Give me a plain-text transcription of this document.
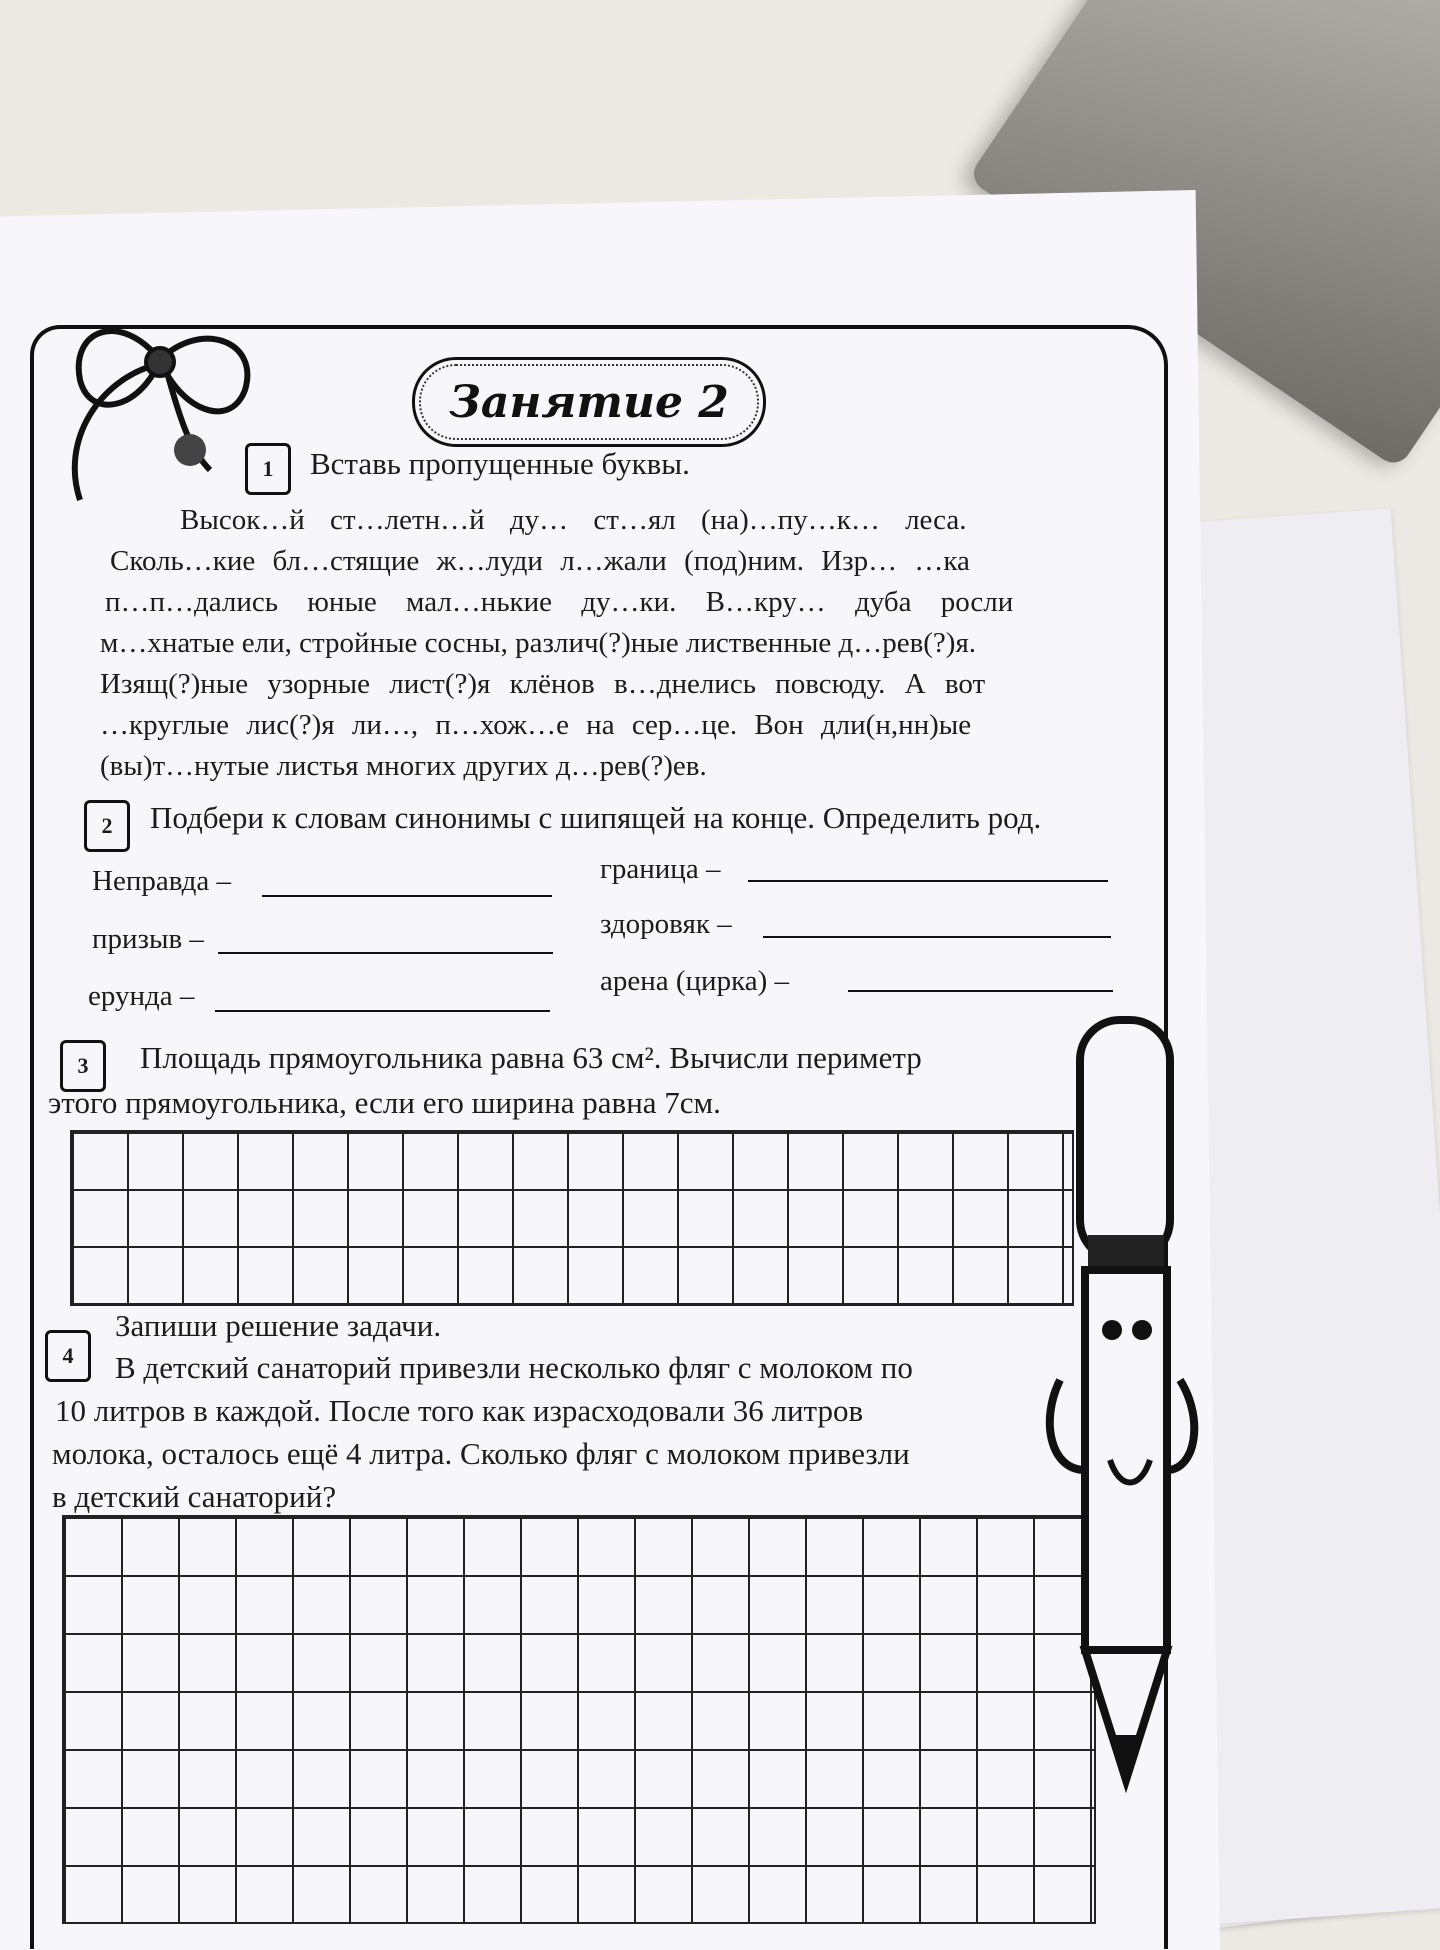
Занятие 2
1	Вставь пропущенные буквы.
Высок…й ст…летн…й ду… ст…ял (на)…пу…к… леса.
Сколь…кие бл…стящие ж…луди л…жали (под)ним. Изр… …ка
п…п…дались юные мал…нькие ду…ки. В…кру… дуба росли
м…хнатые ели, стройные сосны, различ(?)ные лиственные д…рев(?)я.
Изящ(?)ные узорные лист(?)я клёнов в…днелись повсюду. А вот
…круглые лис(?)я ли…, п…хож…е на сер…це. Вон дли(н,нн)ые
(вы)т…нутые листья многих других д…рев(?)ев.
2	Подбери к словам синонимы с шипящей на конце. Определить род.
Неправда –
призыв –
ерунда –
граница –
здоровяк –
арена (цирка) –
3	Площадь прямоугольника равна 63 см². Вычисли периметр
этого прямоугольника, если его ширина равна 7см.
4
Запиши решение задачи.
В детский санаторий привезли несколько фляг с молоком по
10 литров в каждой. После того как израсходовали 36 литров
молока, осталось ещё 4 литра. Сколько фляг с молоком привезли
в детский санаторий?
